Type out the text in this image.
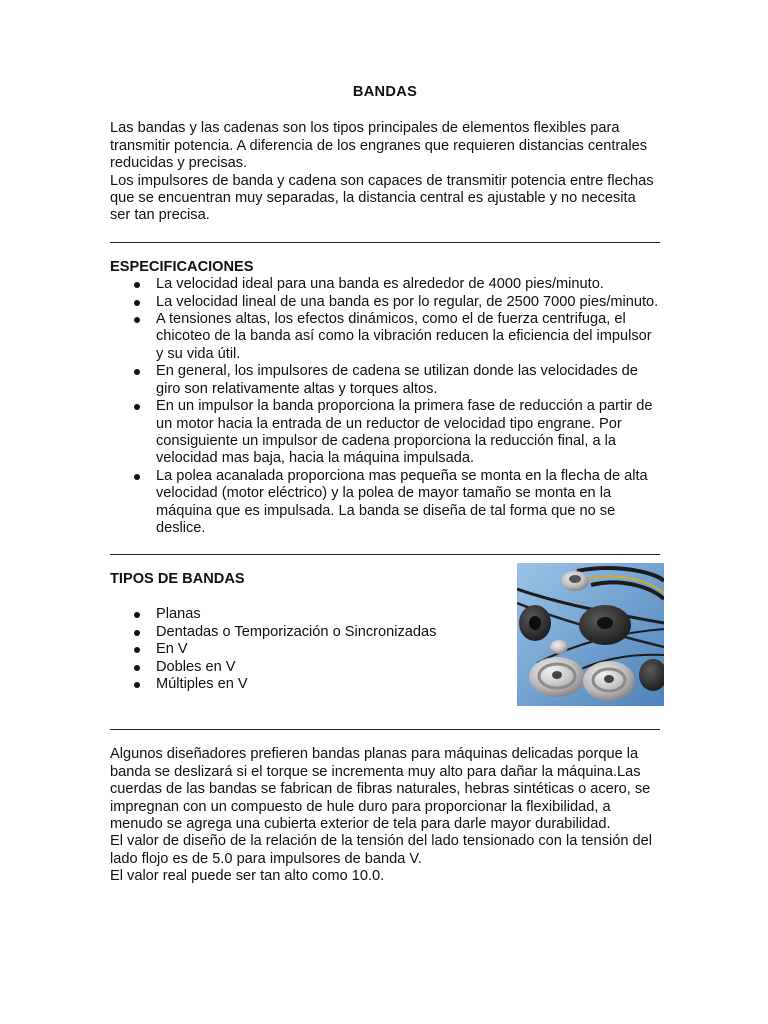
BANDAS

Las bandas y las cadenas son los tipos principales de elementos flexibles para transmitir potencia. A diferencia de los engranes que requieren distancias centrales reducidas y precisas.

Los impulsores de banda y cadena son capaces de transmitir potencia entre flechas que se encuentran muy separadas, la distancia central es ajustable y no necesita ser tan precisa.

ESPECIFICACIONES
La velocidad ideal para una banda es alrededor de 4000 pies/minuto.
La velocidad lineal de una banda es por lo regular, de 2500 7000 pies/minuto.
A tensiones altas, los efectos dinámicos, como el de fuerza centrifuga, el chicoteo de la banda así como la vibración reducen la eficiencia del impulsor y su vida útil.
En general, los impulsores de cadena se utilizan donde las velocidades de giro son relativamente altas y torques altos.
En un impulsor la banda proporciona la primera fase de reducción a partir de un motor hacia la entrada de un reductor de velocidad tipo engrane. Por consiguiente un impulsor de cadena proporciona la reducción final, a la velocidad mas baja, hacia la máquina impulsada.
La polea acanalada proporciona mas pequeña se monta en la flecha de alta velocidad (motor eléctrico) y la polea de mayor tamaño se monta en la máquina que es impulsada. La banda se diseña de tal forma que no se deslice.
TIPOS DE BANDAS
Planas
Dentadas o Temporización o Sincronizadas
En V
Dobles en V
Múltiples en V

Algunos diseñadores prefieren bandas planas para máquinas delicadas porque la banda se deslizará si el torque se incrementa muy alto para dañar la máquina.Las cuerdas de las bandas se fabrican de fibras naturales, hebras sintéticas o acero, se impregnan con un compuesto de hule duro para proporcionar la flexibilidad, a menudo se agrega una cubierta exterior de tela para darle mayor durabilidad.

El valor de diseño de la relación de la tensión del lado tensionado con la tensión del lado flojo es de 5.0 para impulsores de banda V.

El valor real puede ser tan alto como 10.0.
